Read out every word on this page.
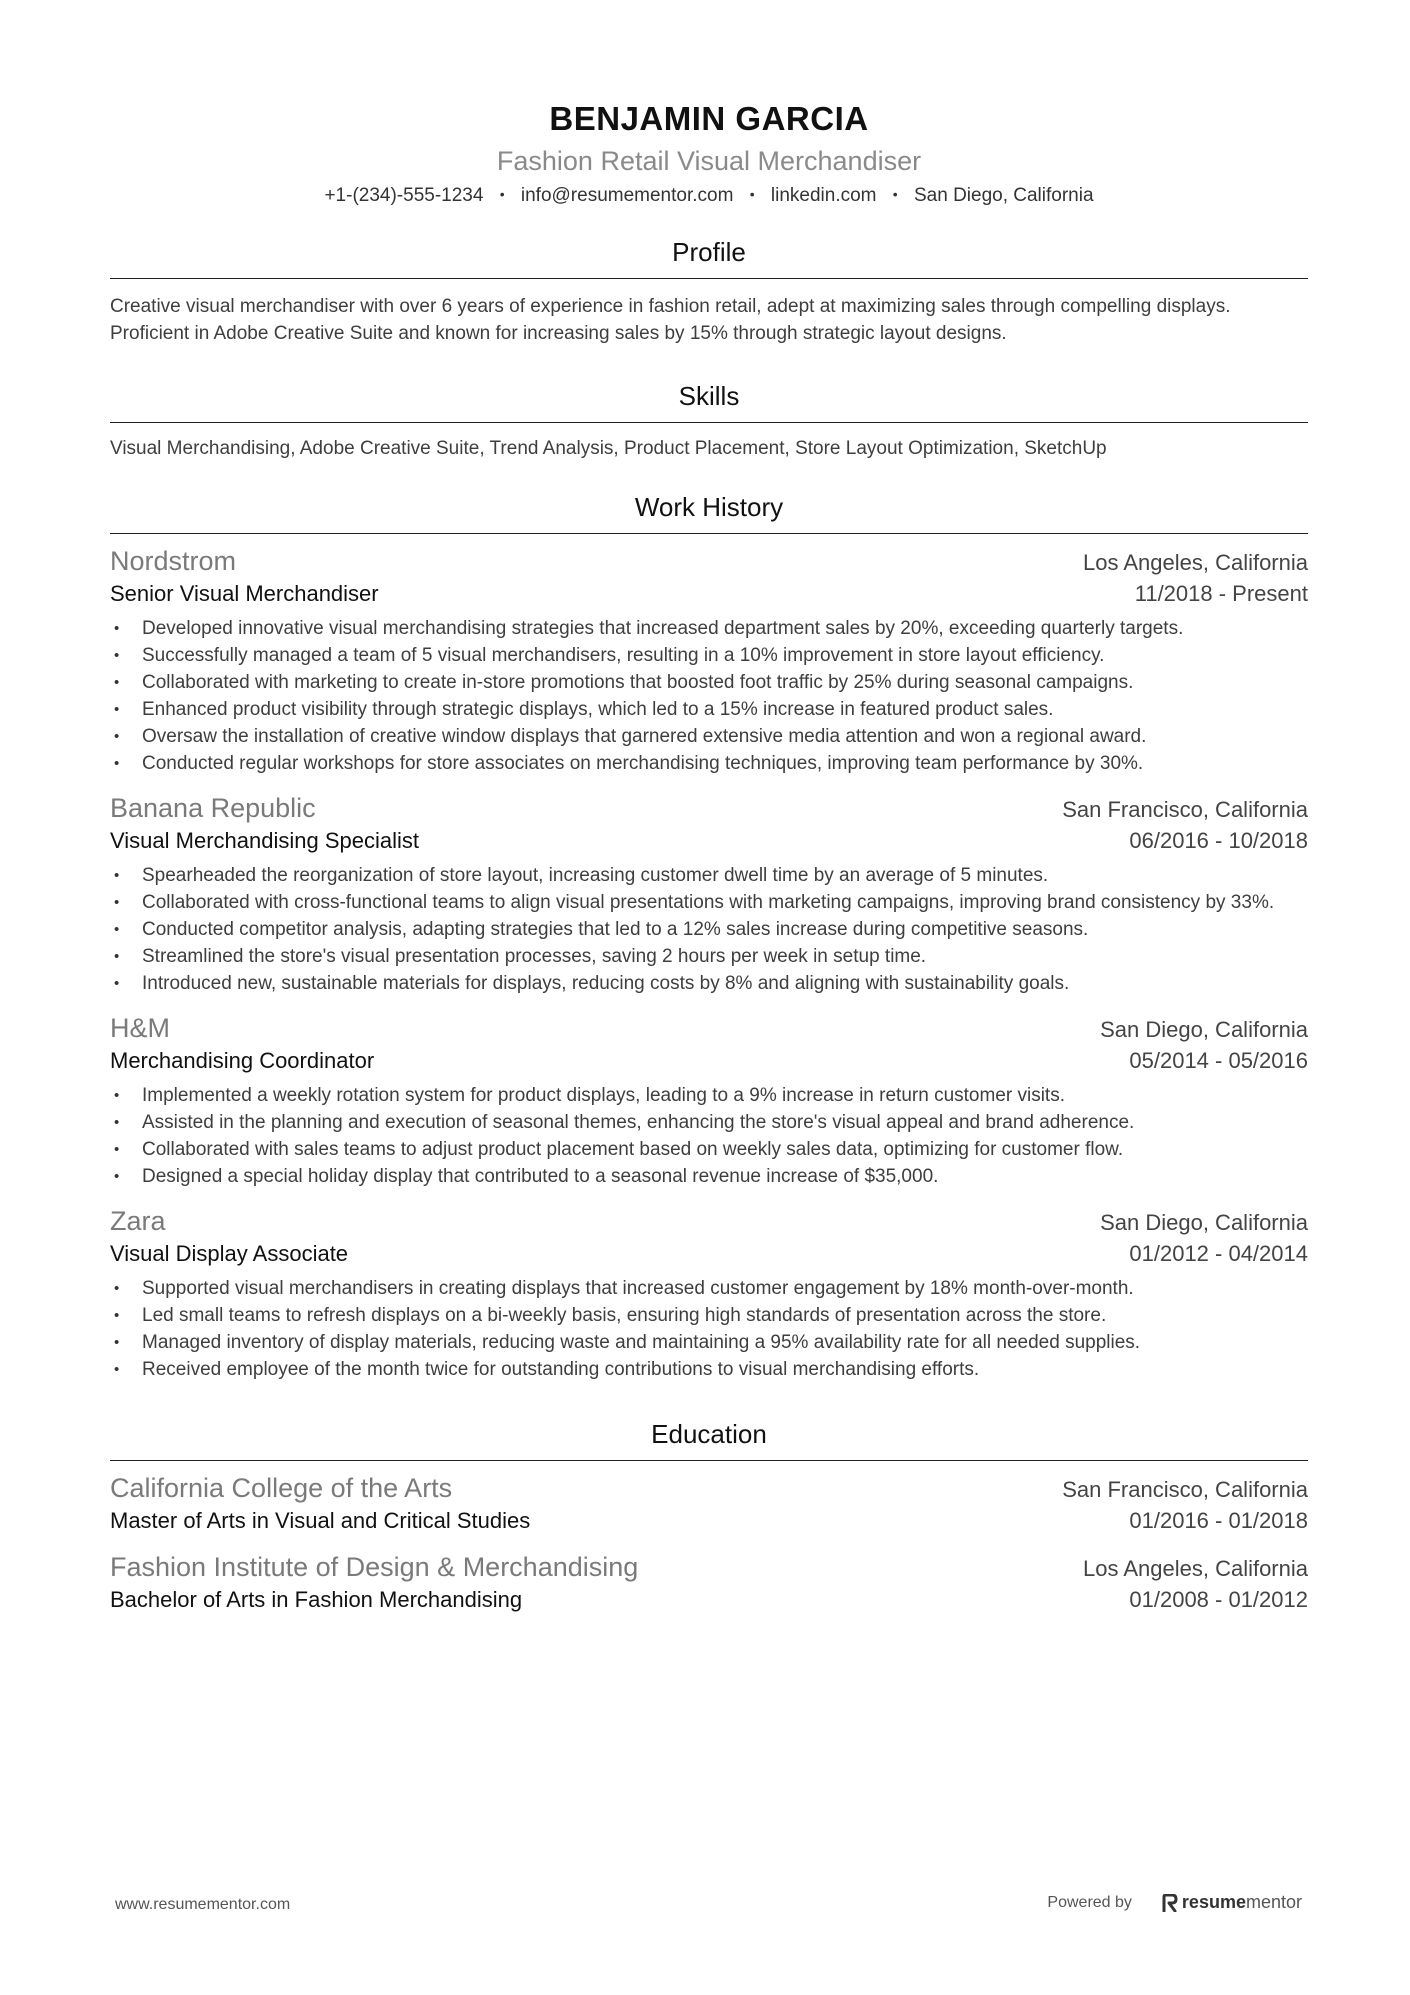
BENJAMIN GARCIA
Fashion Retail Visual Merchandiser
+1-(234)-555-1234 • info@resumementor.com • linkedin.com • San Diego, California
Profile
Creative visual merchandiser with over 6 years of experience in fashion retail, adept at maximizing sales through compelling displays. Proficient in Adobe Creative Suite and known for increasing sales by 15% through strategic layout designs.
Skills
Visual Merchandising, Adobe Creative Suite, Trend Analysis, Product Placement, Store Layout Optimization, SketchUp
Work History
Nordstrom	Los Angeles, California
Senior Visual Merchandiser	11/2018 - Present
• Developed innovative visual merchandising strategies that increased department sales by 20%, exceeding quarterly targets.
• Successfully managed a team of 5 visual merchandisers, resulting in a 10% improvement in store layout efficiency.
• Collaborated with marketing to create in-store promotions that boosted foot traffic by 25% during seasonal campaigns.
• Enhanced product visibility through strategic displays, which led to a 15% increase in featured product sales.
• Oversaw the installation of creative window displays that garnered extensive media attention and won a regional award.
• Conducted regular workshops for store associates on merchandising techniques, improving team performance by 30%.
Banana Republic	San Francisco, California
Visual Merchandising Specialist	06/2016 - 10/2018
• Spearheaded the reorganization of store layout, increasing customer dwell time by an average of 5 minutes.
• Collaborated with cross-functional teams to align visual presentations with marketing campaigns, improving brand consistency by 33%.
• Conducted competitor analysis, adapting strategies that led to a 12% sales increase during competitive seasons.
• Streamlined the store's visual presentation processes, saving 2 hours per week in setup time.
• Introduced new, sustainable materials for displays, reducing costs by 8% and aligning with sustainability goals.
H&M	San Diego, California
Merchandising Coordinator	05/2014 - 05/2016
• Implemented a weekly rotation system for product displays, leading to a 9% increase in return customer visits.
• Assisted in the planning and execution of seasonal themes, enhancing the store's visual appeal and brand adherence.
• Collaborated with sales teams to adjust product placement based on weekly sales data, optimizing for customer flow.
• Designed a special holiday display that contributed to a seasonal revenue increase of $35,000.
Zara	San Diego, California
Visual Display Associate	01/2012 - 04/2014
• Supported visual merchandisers in creating displays that increased customer engagement by 18% month-over-month.
• Led small teams to refresh displays on a bi-weekly basis, ensuring high standards of presentation across the store.
• Managed inventory of display materials, reducing waste and maintaining a 95% availability rate for all needed supplies.
• Received employee of the month twice for outstanding contributions to visual merchandising efforts.
Education
California College of the Arts	San Francisco, California
Master of Arts in Visual and Critical Studies	01/2016 - 01/2018
Fashion Institute of Design & Merchandising	Los Angeles, California
Bachelor of Arts in Fashion Merchandising	01/2008 - 01/2012
www.resumementor.com	Powered by	resume mentor
